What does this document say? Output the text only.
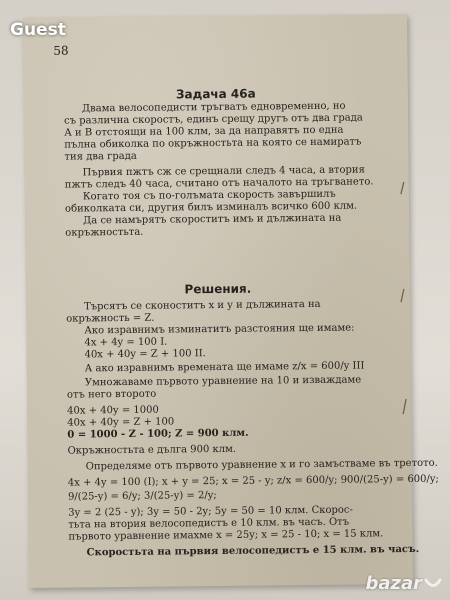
Guest
58
Задача 46а
Двама велосопедисти тръгватъ едновременно, но
съ различна скоростъ, единъ срещу другъ отъ два града
А и В отстоящи на 100 клм, за да направятъ по една
пълна обиколка по окръжностьта на която се намиратъ
тия два града
Първия пжтъ сж се срещнали следъ 4 часа, а втория
пжтъ следъ 40 часа, считано отъ началото на тръгването.
Когато тоя съ по-голъмата скорость завършилъ
обиколката си, другия билъ изминалъ всичко 600 клм.
Да се намърятъ скороститъ имъ и дължината на
окръжностьта.
Решения.
Търсятъ се сконоститъ x и y и дължината на
окръжность = Z.
Ако изравнимъ изминатитъ разстояния ще имаме:
4x + 4y = 100 I.
40x + 40y = Z + 100 II.
А ако изравнимъ времената ще имаме z/x = 600/y III
Умножаваме първото уравнение на 10 и изваждаме
отъ него второто
40x + 40y = 1000
40x + 40y = Z + 100
0 = 1000 - Z - 100; Z = 900 клм.
Окръжностьта е дълга 900 клм.
Определяме отъ първото уравнение x и го замъстваме въ третото.
4x + 4y = 100 (I); x + y = 25; x = 25 - y; z/x = 600/y; 900/(25-y) = 600/y;
9/(25-y) = 6/y; 3/(25-y) = 2/y;
3y = 2 (25 - y); 3y = 50 - 2y; 5y = 50 = 10 клм. Скорос-
тьта на втория велосопедистъ е 10 клм. въ часъ. Отъ
първото уравнение имахме x = 25y; x = 25 - 10; x = 15 клм.
Скоростьта на първия велосопедистъ е 15 клм. въ часъ.
bazar
